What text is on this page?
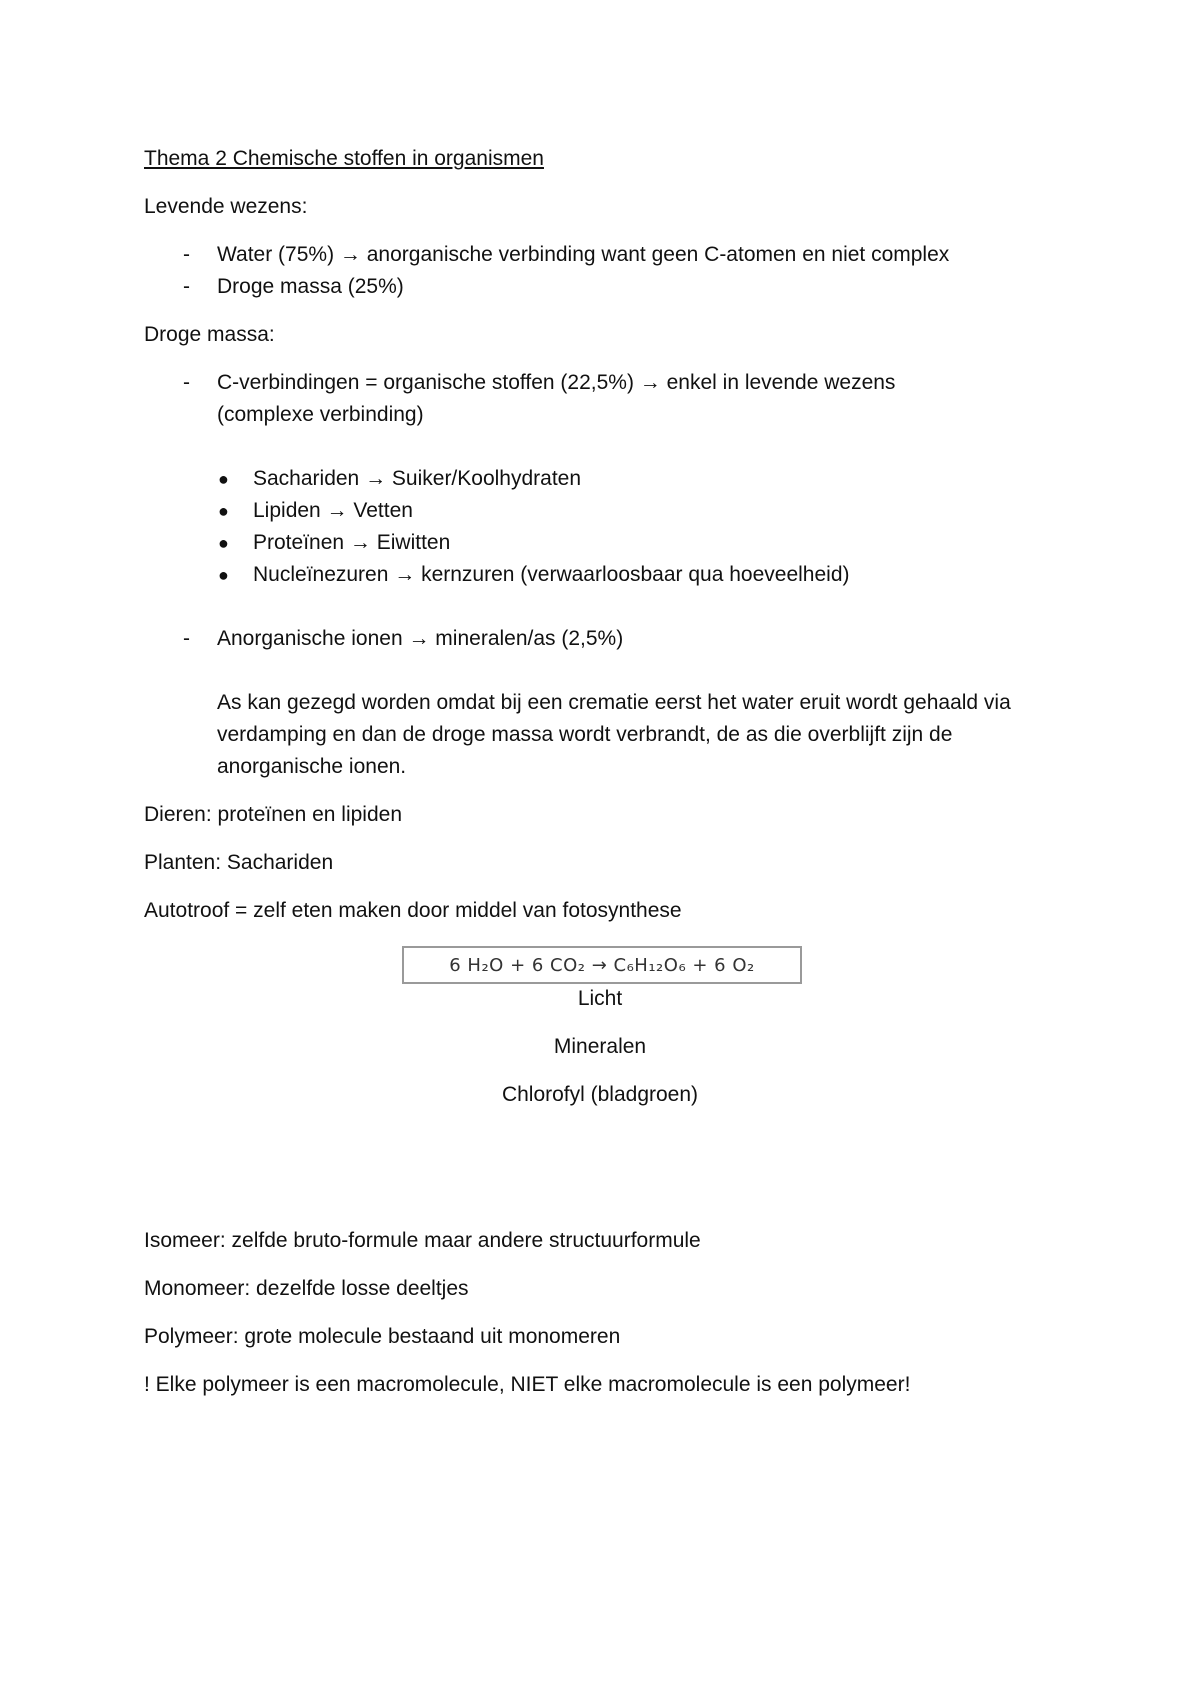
Thema 2 Chemische stoffen in organismen
Levende wezens:
- Water (75%) → anorganische verbinding want geen C-atomen en niet complex
- Droge massa (25%)
Droge massa:
- C-verbindingen = organische stoffen (22,5%) → enkel in levende wezens
(complexe verbinding)
● Sachariden → Suiker/Koolhydraten
● Lipiden → Vetten
● Proteïnen → Eiwitten
● Nucleïnezuren → kernzuren (verwaarloosbaar qua hoeveelheid)
- Anorganische ionen → mineralen/as (2,5%)
As kan gezegd worden omdat bij een crematie eerst het water eruit wordt gehaald via
verdamping en dan de droge massa wordt verbrandt, de as die overblijft zijn de
anorganische ionen.
Dieren: proteïnen en lipiden
Planten: Sachariden
Autotroof = zelf eten maken door middel van fotosynthese
6 H₂O + 6 CO₂ → C₆H₁₂O₆ + 6 O₂
Licht
Mineralen
Chlorofyl (bladgroen)
Isomeer: zelfde bruto-formule maar andere structuurformule
Monomeer: dezelfde losse deeltjes
Polymeer: grote molecule bestaand uit monomeren
! Elke polymeer is een macromolecule, NIET elke macromolecule is een polymeer!
